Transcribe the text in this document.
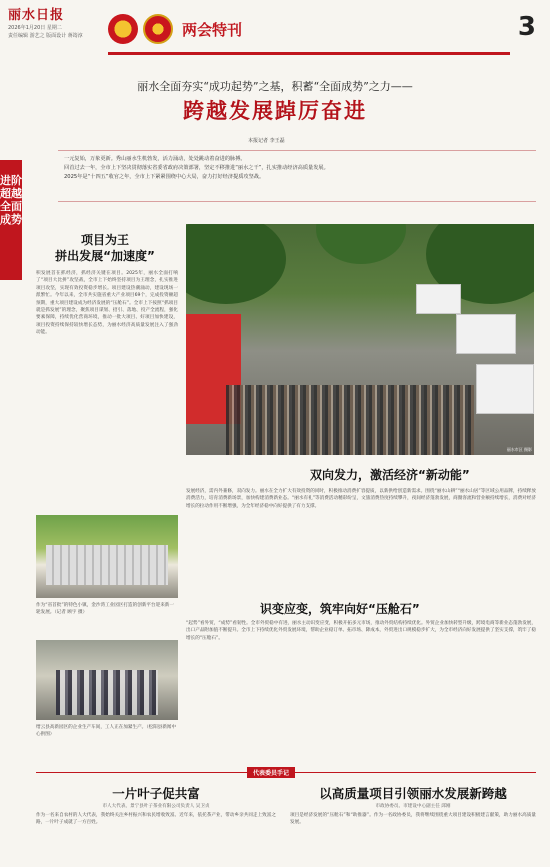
丽水日报
2026年1月20日 星期二
责任编辑 游艺之 版面设计 蒋筠淳	两会特刊	3
丽水全面夯实“成功起势”之基，积蓄“全面成势”之力——
跨越发展踔厉奋进
本报记者 李王磊
一元复始，万象更新。秀山丽水生机勃发，活力涌动，处处跳动着奋进的脉搏。
回首过去一年，全市上下坚决贯彻落实省委省政府决策部署，坚定不移推进“丽水之干”，扎实推动经济高质量发展。
2025年是“十四五”收官之年，全市上下紧紧围绕中心大局，奋力打好经济提质攻坚战。
进阶
超越
全面
成势
项目为王
拼出发展“加速度”
积发展首在抓经济，抓经济关键在项目。2025年，丽水全面打响了“项目大比拼”攻坚战，全市上下始终坚持项目为王理念，扎实推进项目攻坚，实现有效投资稳步增长。项目建设热潮涌动，建设现场一派繁忙。今年以来，全市共实施省重大产业项目69个，完成投资额超预期，重大项目建设成为经济发展的“压舱石”。全市上下按照“抓项目就是抓发展”的理念，聚焦项目谋划、招引、落地、投产全流程，强化要素保障，持续优化营商环境，推动一批大项目、好项目加快建设，项目投资持续保持较快增长态势，为丽水经济高质量发展注入了强劲动能。
丽水市区 摄影
双向发力，激活经济“新动能”
发展经济，需内外兼修，双向发力。丽水在全力扩大有效投资的同时，积极推动消费扩容提质，以新供给创造新需求。围绕“丽水山耕”“丽水山居”等区域公用品牌，持续释放消费活力，培育消费新场景，加快构建消费新业态。“丽水有礼”等消费活动精彩纷呈，文旅消费热度持续攀升，夜间经济蓬勃发展，商圈客流和营业额持续增长，消费对经济增长的拉动作用不断增强，为全年经济稳中向好提供了有力支撑。
作为“省首批”的特色小镇，金沙湾工业园区打造的创新平台迎来新一轮发展。（记者 顾宇 摄）	识变应变，筑牢向好“压舱石”
“起势”看外贸，“成势”看韧性。全市外贸稳中有进，丽水主动识变应变，积极开拓多元市场，推动外贸结构持续优化。外贸企业加快转型升级，跨境电商等新业态蓬勃发展，出口产品附加值不断提升。全市上下持续优化外贸发展环境，帮助企业稳订单、拓市场、降成本，外贸进出口规模稳步扩大，为全市经济向好发展提供了坚实支撑，筑牢了稳增长的“压舱石”。
缙云县高新园区的企业生产车间，工人正在加紧生产。（松阳县新闻中心供图）
代表委员手记
一片叶子促共富
市人大代表、景宁县叶子茶业有限公司负责人 吴卫贞
作为一名来自农村的人大代表，我始终关注乡村振兴和农民增收致富。近年来，依托茶产业，带动乡亲共同走上致富之路，一片叶子成就了一方百姓。
以高质量项目引领丽水发展新跨越
市政协委员、市建设中心副主任 邱刚
项目是经济发展的“压舱石”和“助推器”。作为一名政协委员，我将继续围绕重大项目建设积极建言献策，助力丽水高质量发展。
